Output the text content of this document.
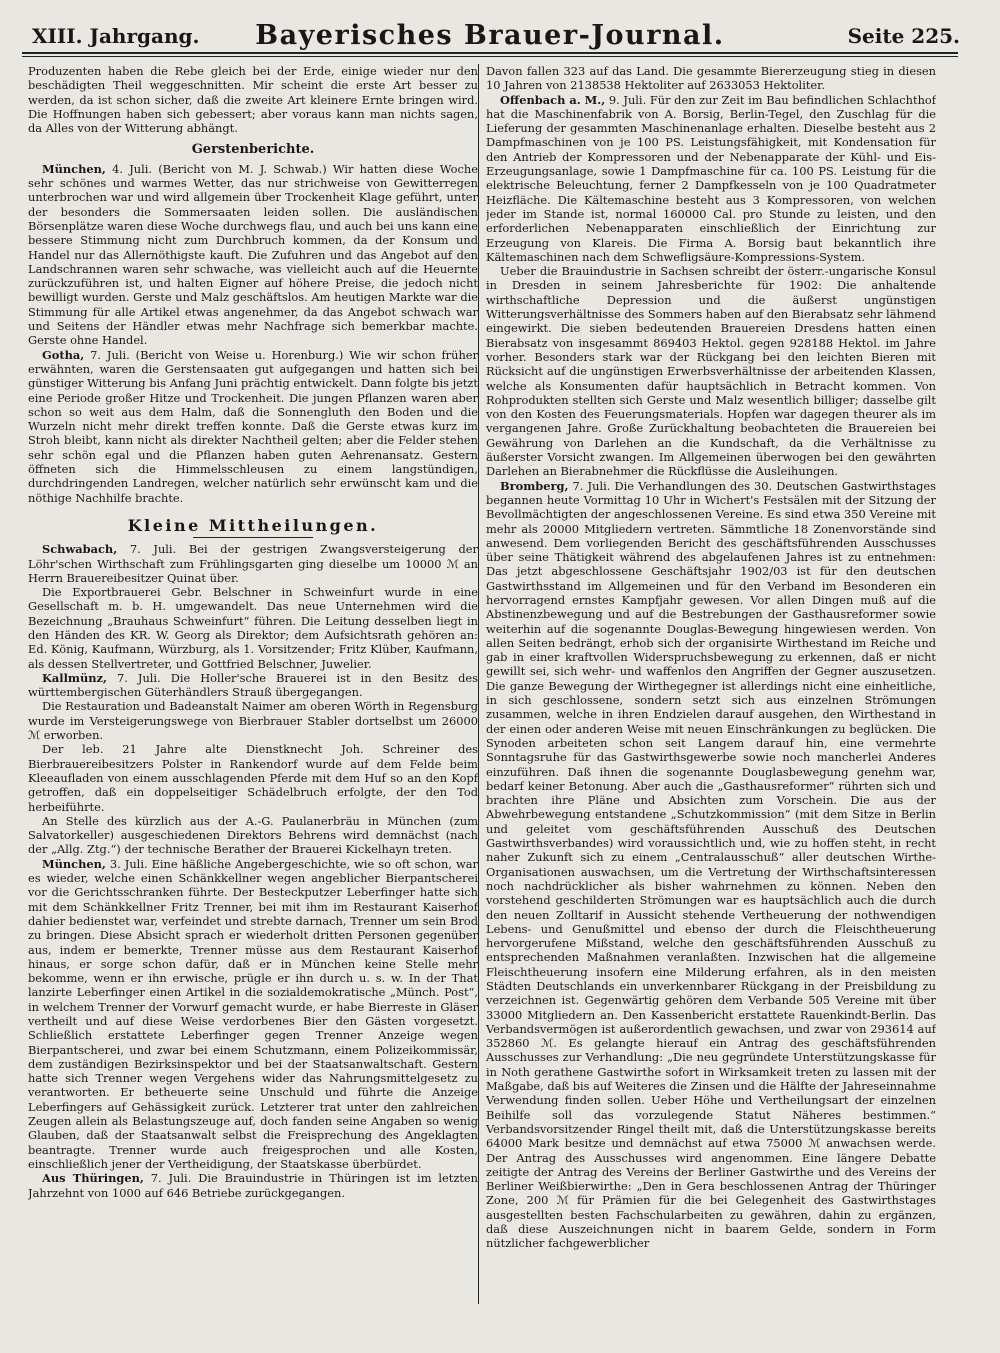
XIII. Jahrgang.	Bayerisches Brauer-Journal.	Seite 225.

Produzenten haben die Rebe gleich bei der Erde, einige wieder nur den beschädigten Theil weggeschnitten. Mir scheint die erste Art besser zu werden, da ist schon sicher, daß die zweite Art kleinere Ernte bringen wird. Die Hoffnungen haben sich gebessert; aber voraus kann man nichts sagen, da Alles von der Witterung abhängt.

Gerstenberichte.

München, 4. Juli. (Bericht von M. J. Schwab.) Wir hatten diese Woche sehr schönes und warmes Wetter, das nur strichweise von Gewitterregen unterbrochen war und wird allgemein über Trockenheit Klage geführt, unter der besonders die Sommersaaten leiden sollen. Die ausländischen Börsenplätze waren diese Woche durchwegs flau, und auch bei uns kann eine bessere Stimmung nicht zum Durchbruch kommen, da der Konsum und Handel nur das Allernöthigste kauft. Die Zufuhren und das Angebot auf den Landschrannen waren sehr schwache, was vielleicht auch auf die Heuernte zurückzuführen ist, und halten Eigner auf höhere Preise, die jedoch nicht bewilligt wurden. Gerste und Malz geschäftslos. Am heutigen Markte war die Stimmung für alle Artikel etwas angenehmer, da das Angebot schwach war und Seitens der Händler etwas mehr Nachfrage sich bemerkbar machte. Gerste ohne Handel.

Gotha, 7. Juli. (Bericht von Weise u. Horenburg.) Wie wir schon früher erwähnten, waren die Gerstensaaten gut aufgegangen und hatten sich bei günstiger Witterung bis Anfang Juni prächtig entwickelt. Dann folgte bis jetzt eine Periode großer Hitze und Trockenheit. Die jungen Pflanzen waren aber schon so weit aus dem Halm, daß die Sonnengluth den Boden und die Wurzeln nicht mehr direkt treffen konnte. Daß die Gerste etwas kurz im Stroh bleibt, kann nicht als direkter Nachtheil gelten; aber die Felder stehen sehr schön egal und die Pflanzen haben guten Aehrenansatz. Gestern öffneten sich die Himmelsschleusen zu einem langstündigen, durchdringenden Landregen, welcher natürlich sehr erwünscht kam und die nöthige Nachhilfe brachte.

Kleine Mittheilungen.

Schwabach, 7. Juli. Bei der gestrigen Zwangsversteigerung der Löhr'schen Wirthschaft zum Frühlingsgarten ging dieselbe um 10000 ℳ an Herrn Brauereibesitzer Quinat über.

Die Exportbrauerei Gebr. Belschner in Schweinfurt wurde in eine Gesellschaft m. b. H. umgewandelt. Das neue Unternehmen wird die Bezeichnung „Brauhaus Schweinfurt“ führen. Die Leitung desselben liegt in den Händen des KR. W. Georg als Direktor; dem Aufsichtsrath gehören an: Ed. König, Kaufmann, Würzburg, als 1. Vorsitzender; Fritz Klüber, Kaufmann, als dessen Stellvertreter, und Gottfried Belschner, Juwelier.

Kallmünz, 7. Juli. Die Holler'sche Brauerei ist in den Besitz des württembergischen Güterhändlers Strauß übergegangen.

Die Restauration und Badeanstalt Naimer am oberen Wörth in Regensburg wurde im Versteigerungswege von Bierbrauer Stabler dortselbst um 26000 ℳ erworben.

Der leb. 21 Jahre alte Dienstknecht Joh. Schreiner des Bierbrauereibesitzers Polster in Rankendorf wurde auf dem Felde beim Kleeaufladen von einem ausschlagenden Pferde mit dem Huf so an den Kopf getroffen, daß ein doppelseitiger Schädelbruch erfolgte, der den Tod herbeiführte.

An Stelle des kürzlich aus der A.-G. Paulanerbräu in München (zum Salvatorkeller) ausgeschiedenen Direktors Behrens wird demnächst (nach der „Allg. Ztg.“) der technische Berather der Brauerei Kickelhayn treten.

München, 3. Juli. Eine häßliche Angebergeschichte, wie so oft schon, war es wieder, welche einen Schänkkellner wegen angeblicher Bierpantscherei vor die Gerichtsschranken führte. Der Besteckputzer Leberfinger hatte sich mit dem Schänkkellner Fritz Trenner, bei mit ihm im Restaurant Kaiserhof dahier bedienstet war, verfeindet und strebte darnach, Trenner um sein Brod zu bringen. Diese Absicht sprach er wiederholt dritten Personen gegenüber aus, indem er bemerkte, Trenner müsse aus dem Restaurant Kaiserhof hinaus, er sorge schon dafür, daß er in München keine Stelle mehr bekomme, wenn er ihn erwische, prügle er ihn durch u. s. w. In der That lanzirte Leberfinger einen Artikel in die sozialdemokratische „Münch. Post“, in welchem Trenner der Vorwurf gemacht wurde, er habe Bierreste in Gläser vertheilt und auf diese Weise verdorbenes Bier den Gästen vorgesetzt. Schließlich erstattete Leberfinger gegen Trenner Anzeige wegen Bierpantscherei, und zwar bei einem Schutzmann, einem Polizeikommissär, dem zuständigen Bezirksinspektor und bei der Staatsanwaltschaft. Gestern hatte sich Trenner wegen Vergehens wider das Nahrungsmittelgesetz zu verantworten. Er betheuerte seine Unschuld und führte die Anzeige Leberfingers auf Gehässigkeit zurück. Letzterer trat unter den zahlreichen Zeugen allein als Belastungszeuge auf, doch fanden seine Angaben so wenig Glauben, daß der Staatsanwalt selbst die Freisprechung des Angeklagten beantragte. Trenner wurde auch freigesprochen und alle Kosten, einschließlich jener der Vertheidigung, der Staatskasse überbürdet.

Aus Thüringen, 7. Juli. Die Brauindustrie in Thüringen ist im letzten Jahrzehnt von 1000 auf 646 Betriebe zurückgegangen.

Davon fallen 323 auf das Land. Die gesammte Biererzeugung stieg in diesen 10 Jahren von 2138538 Hektoliter auf 2633053 Hektoliter.

Offenbach a. M., 9. Juli. Für den zur Zeit im Bau befindlichen Schlachthof hat die Maschinenfabrik von A. Borsig, Berlin-Tegel, den Zuschlag für die Lieferung der gesammten Maschinenanlage erhalten. Dieselbe besteht aus 2 Dampfmaschinen von je 100 PS. Leistungsfähigkeit, mit Kondensation für den Antrieb der Kompressoren und der Nebenapparate der Kühl- und Eis-Erzeugungsanlage, sowie 1 Dampfmaschine für ca. 100 PS. Leistung für die elektrische Beleuchtung, ferner 2 Dampfkesseln von je 100 Quadratmeter Heizfläche. Die Kältemaschine besteht aus 3 Kompressoren, von welchen jeder im Stande ist, normal 160000 Cal. pro Stunde zu leisten, und den erforderlichen Nebenapparaten einschließlich der Einrichtung zur Erzeugung von Klareis. Die Firma A. Borsig baut bekanntlich ihre Kältemaschinen nach dem Schwefligsäure-Kompressions-System.

Ueber die Brauindustrie in Sachsen schreibt der österr.-ungarische Konsul in Dresden in seinem Jahresberichte für 1902: Die anhaltende wirthschaftliche Depression und die äußerst ungünstigen Witterungsverhältnisse des Sommers haben auf den Bierabsatz sehr lähmend eingewirkt. Die sieben bedeutenden Brauereien Dresdens hatten einen Bierabsatz von insgesammt 869403 Hektol. gegen 928188 Hektol. im Jahre vorher. Besonders stark war der Rückgang bei den leichten Bieren mit Rücksicht auf die ungünstigen Erwerbsverhältnisse der arbeitenden Klassen, welche als Konsumenten dafür hauptsächlich in Betracht kommen. Von Rohprodukten stellten sich Gerste und Malz wesentlich billiger; dasselbe gilt von den Kosten des Feuerungsmaterials. Hopfen war dagegen theurer als im vergangenen Jahre. Große Zurückhaltung beobachteten die Brauereien bei Gewährung von Darlehen an die Kundschaft, da die Verhältnisse zu äußerster Vorsicht zwangen. Im Allgemeinen überwogen bei den gewährten Darlehen an Bierabnehmer die Rückflüsse die Ausleihungen.

Bromberg, 7. Juli. Die Verhandlungen des 30. Deutschen Gastwirthstages begannen heute Vormittag 10 Uhr in Wichert's Festsälen mit der Sitzung der Bevollmächtigten der angeschlossenen Vereine. Es sind etwa 350 Vereine mit mehr als 20000 Mitgliedern vertreten. Sämmtliche 18 Zonenvorstände sind anwesend. Dem vorliegenden Bericht des geschäftsführenden Ausschusses über seine Thätigkeit während des abgelaufenen Jahres ist zu entnehmen: Das jetzt abgeschlossene Geschäftsjahr 1902/03 ist für den deutschen Gastwirthsstand im Allgemeinen und für den Verband im Besonderen ein hervorragend ernstes Kampfjahr gewesen. Vor allen Dingen muß auf die Abstinenzbewegung und auf die Bestrebungen der Gasthausreformer sowie weiterhin auf die sogenannte Douglas-Bewegung hingewiesen werden. Von allen Seiten bedrängt, erhob sich der organisirte Wirthestand im Reiche und gab in einer kraftvollen Widerspruchsbewegung zu erkennen, daß er nicht gewillt sei, sich wehr- und waffenlos den Angriffen der Gegner auszusetzen. Die ganze Bewegung der Wirthegegner ist allerdings nicht eine einheitliche, in sich geschlossene, sondern setzt sich aus einzelnen Strömungen zusammen, welche in ihren Endzielen darauf ausgehen, den Wirthestand in der einen oder anderen Weise mit neuen Einschränkungen zu beglücken. Die Synoden arbeiteten schon seit Langem darauf hin, eine vermehrte Sonntagsruhe für das Gastwirthsgewerbe sowie noch mancherlei Anderes einzuführen. Daß ihnen die sogenannte Douglasbewegung genehm war, bedarf keiner Betonung. Aber auch die „Gasthausreformer“ rührten sich und brachten ihre Pläne und Absichten zum Vorschein. Die aus der Abwehrbewegung entstandene „Schutzkommission“ (mit dem Sitze in Berlin und geleitet vom geschäftsführenden Ausschuß des Deutschen Gastwirthsverbandes) wird voraussichtlich und, wie zu hoffen steht, in recht naher Zukunft sich zu einem „Centralausschuß“ aller deutschen Wirthe-Organisationen auswachsen, um die Vertretung der Wirthschaftsinteressen noch nachdrücklicher als bisher wahrnehmen zu können. Neben den vorstehend geschilderten Strömungen war es hauptsächlich auch die durch den neuen Zolltarif in Aussicht stehende Vertheuerung der nothwendigen Lebens- und Genußmittel und ebenso der durch die Fleischtheuerung hervorgerufene Mißstand, welche den geschäftsführenden Ausschuß zu entsprechenden Maßnahmen veranlaßten. Inzwischen hat die allgemeine Fleischtheuerung insofern eine Milderung erfahren, als in den meisten Städten Deutschlands ein unverkennbarer Rückgang in der Preisbildung zu verzeichnen ist. Gegenwärtig gehören dem Verbande 505 Vereine mit über 33000 Mitgliedern an. Den Kassenbericht erstattete Rauenkindt-Berlin. Das Verbandsvermögen ist außerordentlich gewachsen, und zwar von 293614 auf 352860 ℳ. Es gelangte hierauf ein Antrag des geschäftsführenden Ausschusses zur Verhandlung: „Die neu gegründete Unterstützungskasse für in Noth gerathene Gastwirthe sofort in Wirksamkeit treten zu lassen mit der Maßgabe, daß bis auf Weiteres die Zinsen und die Hälfte der Jahreseinnahme Verwendung finden sollen. Ueber Höhe und Vertheilungsart der einzelnen Beihilfe soll das vorzulegende Statut Näheres bestimmen.“ Verbandsvorsitzender Ringel theilt mit, daß die Unterstützungskasse bereits 64000 Mark besitze und demnächst auf etwa 75000 ℳ anwachsen werde. Der Antrag des Ausschusses wird angenommen. Eine längere Debatte zeitigte der Antrag des Vereins der Berliner Gastwirthe und des Vereins der Berliner Weißbierwirthe: „Den in Gera beschlossenen Antrag der Thüringer Zone, 200 ℳ für Prämien für die bei Gelegenheit des Gastwirthstages ausgestellten besten Fachschularbeiten zu gewähren, dahin zu ergänzen, daß diese Auszeichnungen nicht in baarem Gelde, sondern in Form nützlicher fachgewerblicher
